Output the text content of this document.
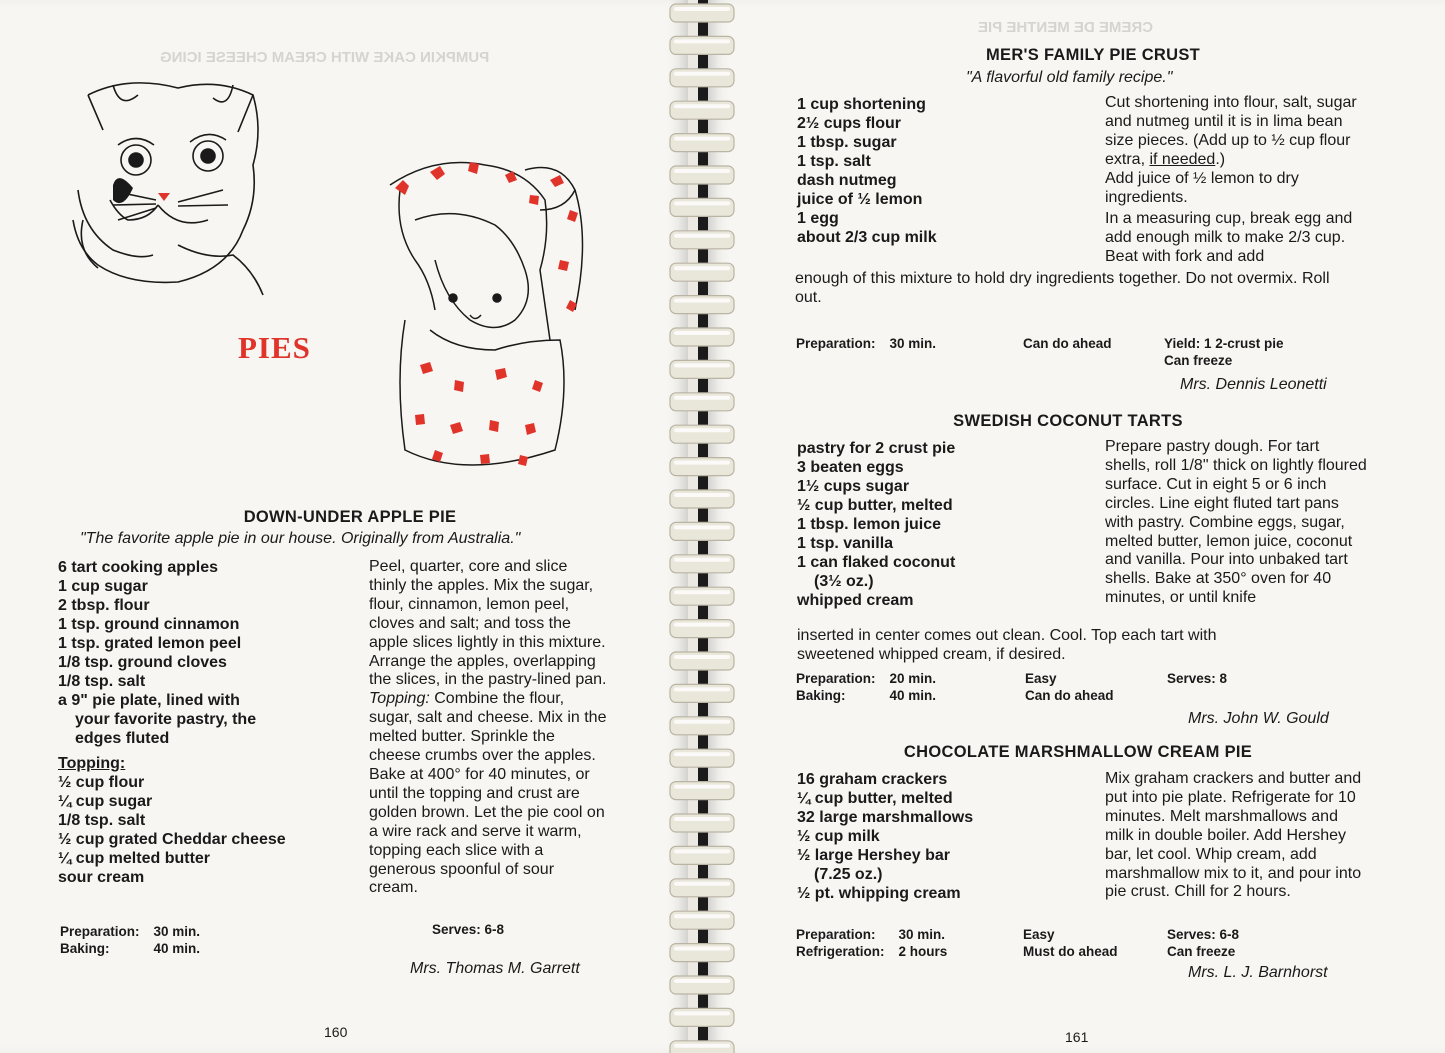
PUMPKIN CAKE WITH CREAM CHEESE ICING
PIES
DOWN-UNDER APPLE PIE
"The favorite apple pie in our house. Originally from Australia."
6 tart cooking apples
1 cup sugar
2 tbsp. flour
1 tsp. ground cinnamon
1 tsp. grated lemon peel
1/8 tsp. ground cloves
1/8 tsp. salt
a 9" pie plate, lined with
your favorite pastry, the
edges fluted
Topping:
½ cup flour
¼ cup sugar
1/8 tsp. salt
½ cup grated Cheddar cheese
¼ cup melted butter
sour cream

Peel, quarter, core and slice thinly the apples. Mix the sugar, flour, cinnamon, lemon peel, cloves and salt; and toss the apple slices lightly in this mixture. Arrange the apples, overlapping the slices, in the pastry-lined pan.

Topping: Combine the flour, sugar, salt and cheese. Mix in the melted butter. Sprinkle the cheese crumbs over the apples. Bake at 400° for 40 minutes, or until the topping and crust are golden brown. Let the pie cool on a wire rack and serve it warm, topping each slice with a generous spoonful of sour cream.

Preparation:	30 min.
Baking:	40 min.
Serves: 6-8
Mrs. Thomas M. Garrett
160
CREME DE MENTHE PIE
MER'S FAMILY PIE CRUST
"A flavorful old family recipe."
1 cup shortening
2½ cups flour
1 tbsp. sugar
1 tsp. salt
dash nutmeg
juice of ½ lemon
1 egg
about 2/3 cup milk

Cut shortening into flour, salt, sugar and nutmeg until it is in lima bean size pieces. (Add up to ½ cup flour extra, if needed.)

Add juice of ½ lemon to dry ingredients.

In a measuring cup, break egg and add enough milk to make 2/3 cup. Beat with fork and add

enough of this mixture to hold dry ingredients together. Do not overmix. Roll out.
Preparation:	30 min.	Can do ahead	Yield: 1 2-crust pie
Can freeze
Mrs. Dennis Leonetti
SWEDISH COCONUT TARTS
pastry for 2 crust pie
3 beaten eggs
1½ cups sugar
½ cup butter, melted
1 tbsp. lemon juice
1 tsp. vanilla
1 can flaked coconut
(3½ oz.)
whipped cream
Prepare pastry dough. For tart shells, roll 1/8" thick on lightly floured surface. Cut in eight 5 or 6 inch circles. Line eight fluted tart pans with pastry. Combine eggs, sugar, melted butter, lemon juice, coconut and vanilla. Pour into unbaked tart shells. Bake at 350° oven for 40 minutes, or until knife
inserted in center comes out clean. Cool. Top each tart with sweetened whipped cream, if desired.
Preparation:	20 min.
Baking:	40 min.
Easy
Can do ahead
Serves: 8
Mrs. John W. Gould
CHOCOLATE MARSHMALLOW CREAM PIE
16 graham crackers
¼ cup butter, melted
32 large marshmallows
½ cup milk
½ large Hershey bar
(7.25 oz.)
½ pt. whipping cream
Mix graham crackers and butter and put into pie plate. Refrigerate for 10 minutes. Melt marshmallows and milk in double boiler. Add Hershey bar, let cool. Whip cream, add marshmallow mix to it, and pour into pie crust. Chill for 2 hours.
Preparation:	30 min.
Refrigeration:	2 hours
Easy
Must do ahead
Serves: 6-8
Can freeze
Mrs. L. J. Barnhorst
161
